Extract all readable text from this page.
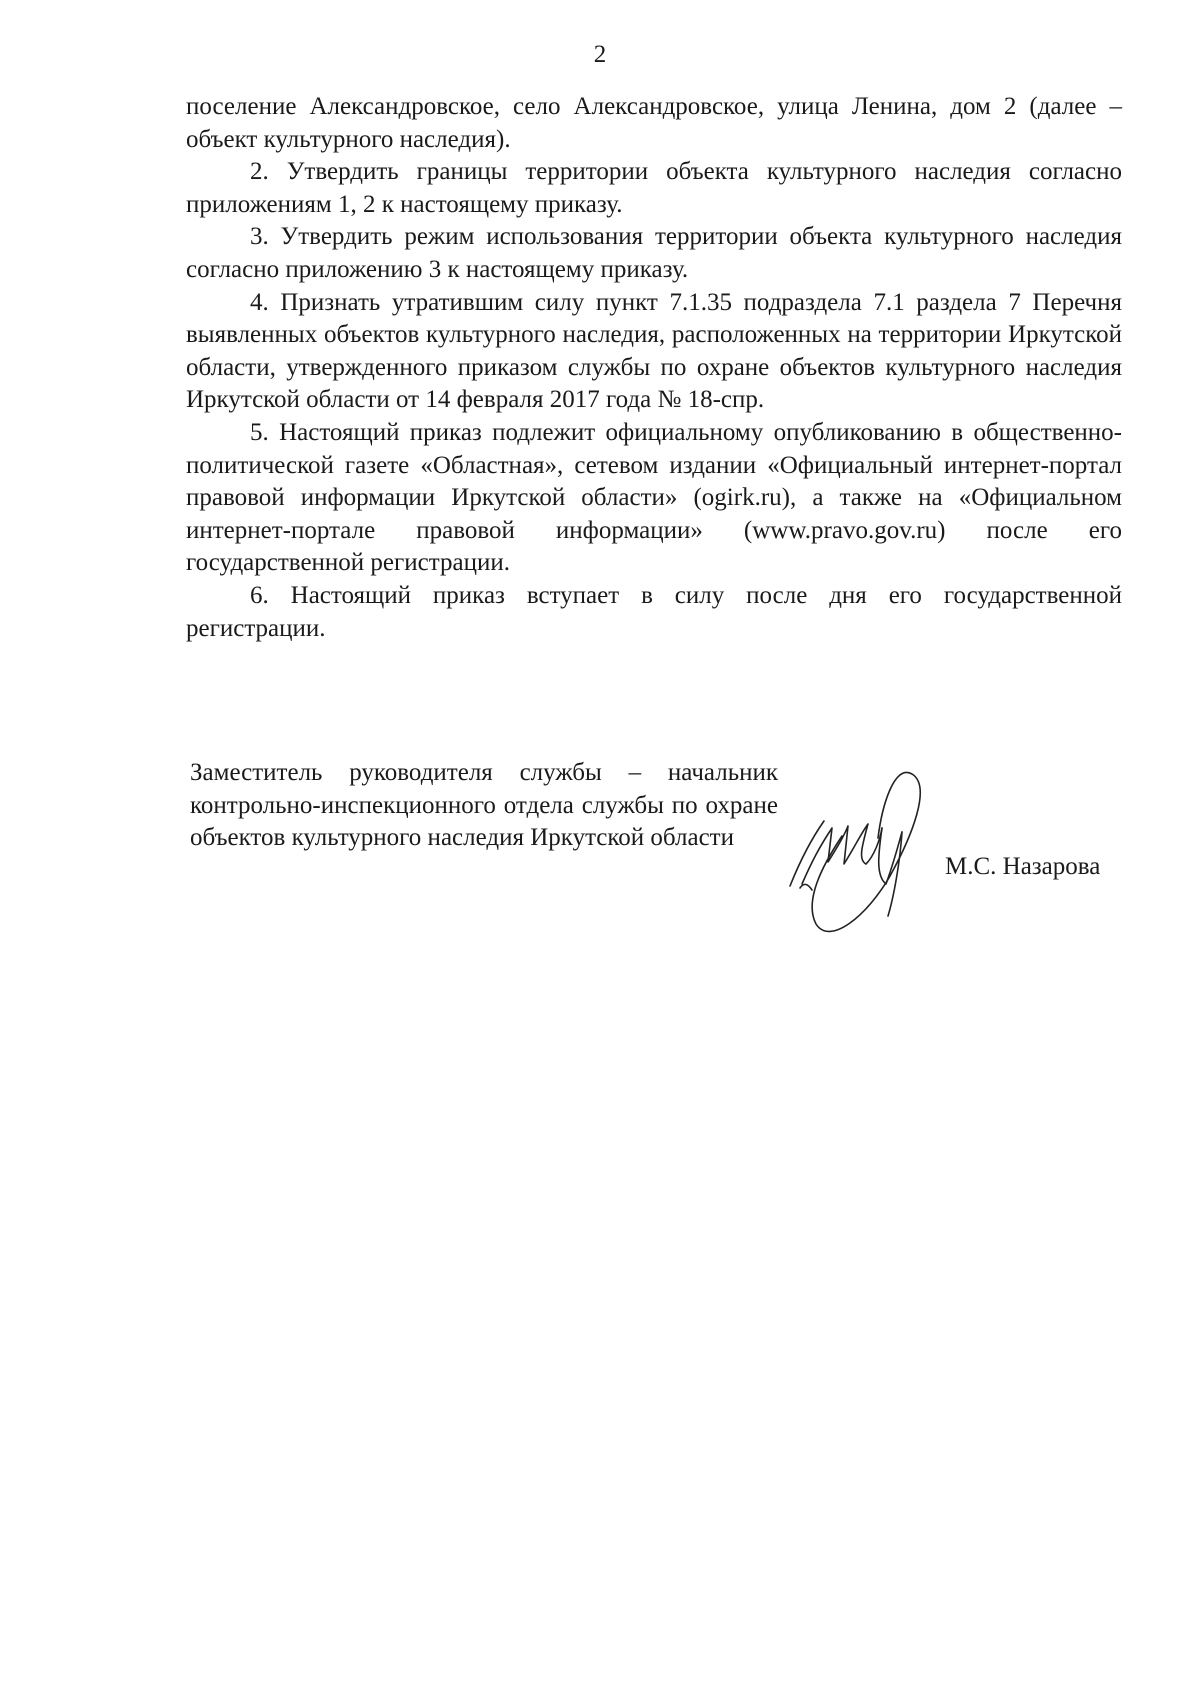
2

поселение Александровское, село Александровское, улица Ленина, дом 2 (далее – объект культурного наследия).

2. Утвердить границы территории объекта культурного наследия согласно приложениям 1, 2 к настоящему приказу.

3. Утвердить режим использования территории объекта культурного наследия согласно приложению 3 к настоящему приказу.

4. Признать утратившим силу пункт 7.1.35 подраздела 7.1 раздела 7 Перечня выявленных объектов культурного наследия, расположенных на территории Иркутской области, утвержденного приказом службы по охране объектов культурного наследия Иркутской области от 14 февраля 2017 года № 18-спр.

5. Настоящий приказ подлежит официальному опубликованию в общественно-политической газете «Областная», сетевом издании «Официальный интернет-портал правовой информации Иркутской области» (ogirk.ru), а также на «Официальном интернет-портале правовой информации» (www.pravo.gov.ru) после его государственной регистрации.

6. Настоящий приказ вступает в силу после дня его государственной регистрации.

Заместитель руководителя службы – начальник контрольно-инспекционного отдела службы по охране объектов культурного наследия Иркутской области
М.С. Назарова
